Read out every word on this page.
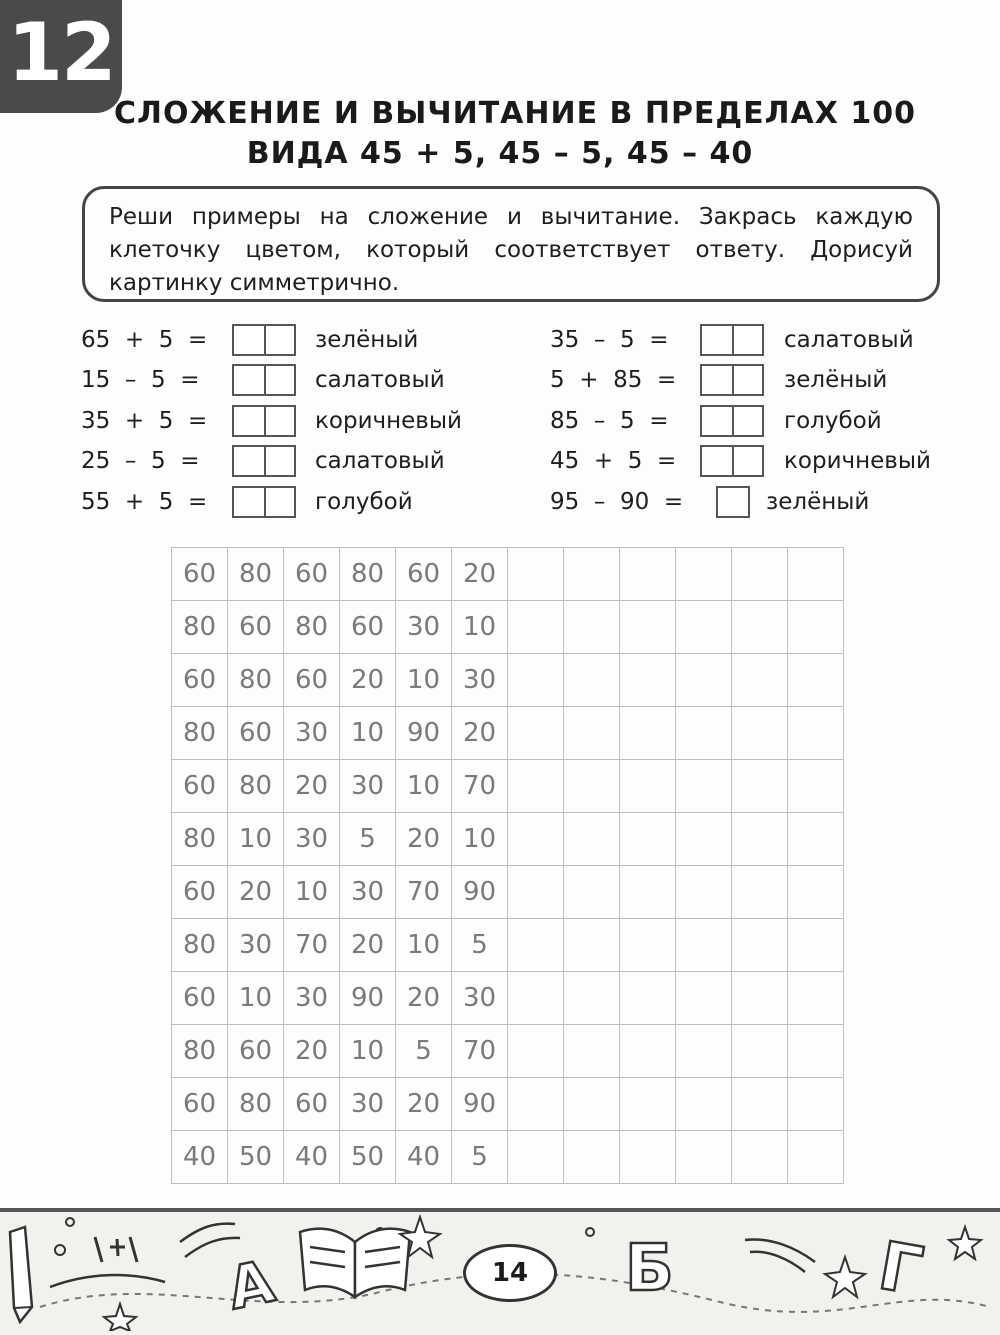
12
СЛОЖЕНИЕ И ВЫЧИТАНИЕ В ПРЕДЕЛАХ 100
ВИДА 45 + 5, 45 – 5, 45 – 40
Реши примеры на сложение и вычитание. Закрась каждую клеточку цветом, который соответствует ответу. Дорисуй картинку симметрично.
65  +  5  =	зелёный
15  –  5  =	салатовый
35  +  5  =	коричневый
25  –  5  =	салатовый
55  +  5  =	голубой
35  –  5  =	салатовый
5  +  85  =	зелёный
85  –  5  =	голубой
45  +  5  =	коричневый
95  –  90  =	зелёный
60	80	60	80	60	20						
80	60	80	60	30	10						
60	80	60	20	10	30						
80	60	30	10	90	20						
60	80	20	30	10	70						
80	10	30	5	20	10						
60	20	10	30	70	90						
80	30	70	20	10	5						
60	10	30	90	20	30						
80	60	20	10	5	70						
60	80	60	30	20	90						
40	50	40	50	40	5						
А	Б	Г
14
